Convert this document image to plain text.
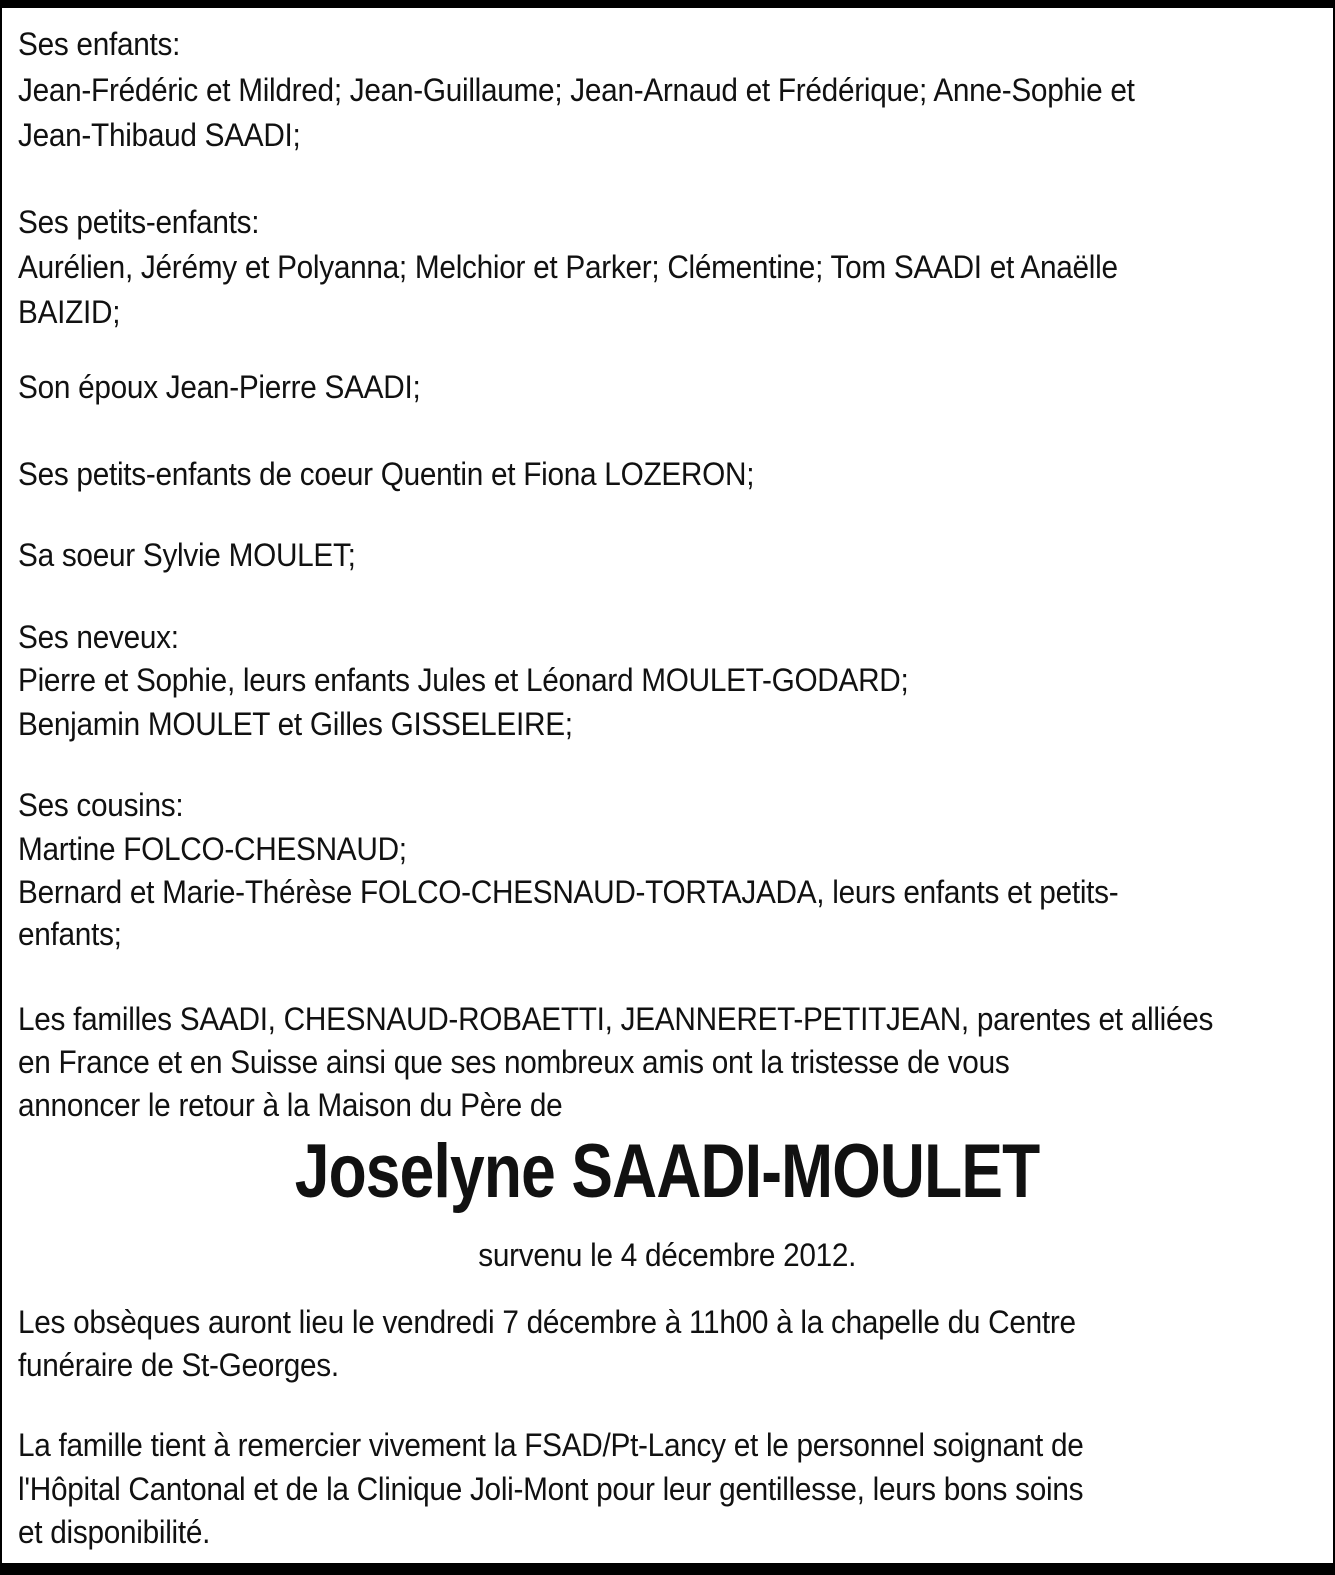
Ses enfants:
Jean-Frédéric et Mildred; Jean-Guillaume; Jean-Arnaud et Frédérique; Anne-Sophie et
Jean-Thibaud SAADI;
Ses petits-enfants:
Aurélien, Jérémy et Polyanna; Melchior et Parker; Clémentine; Tom SAADI et Anaëlle
BAIZID;
Son époux Jean-Pierre SAADI;
Ses petits-enfants de coeur Quentin et Fiona LOZERON;
Sa soeur Sylvie MOULET;
Ses neveux:
Pierre et Sophie, leurs enfants Jules et Léonard MOULET-GODARD;
Benjamin MOULET et Gilles GISSELEIRE;
Ses cousins:
Martine FOLCO-CHESNAUD;
Bernard et Marie-Thérèse FOLCO-CHESNAUD-TORTAJADA, leurs enfants et petits-
enfants;
Les familles SAADI, CHESNAUD-ROBAETTI, JEANNERET-PETITJEAN, parentes et alliées
en France et en Suisse ainsi que ses nombreux amis ont la tristesse de vous
annoncer le retour à la Maison du Père de
Joselyne SAADI-MOULET
survenu le 4 décembre 2012.
Les obsèques auront lieu le vendredi 7 décembre à 11h00 à la chapelle du Centre
funéraire de St-Georges.
La famille tient à remercier vivement la FSAD/Pt-Lancy et le personnel soignant de
l'Hôpital Cantonal et de la Clinique Joli-Mont pour leur gentillesse, leurs bons soins
et disponibilité.
